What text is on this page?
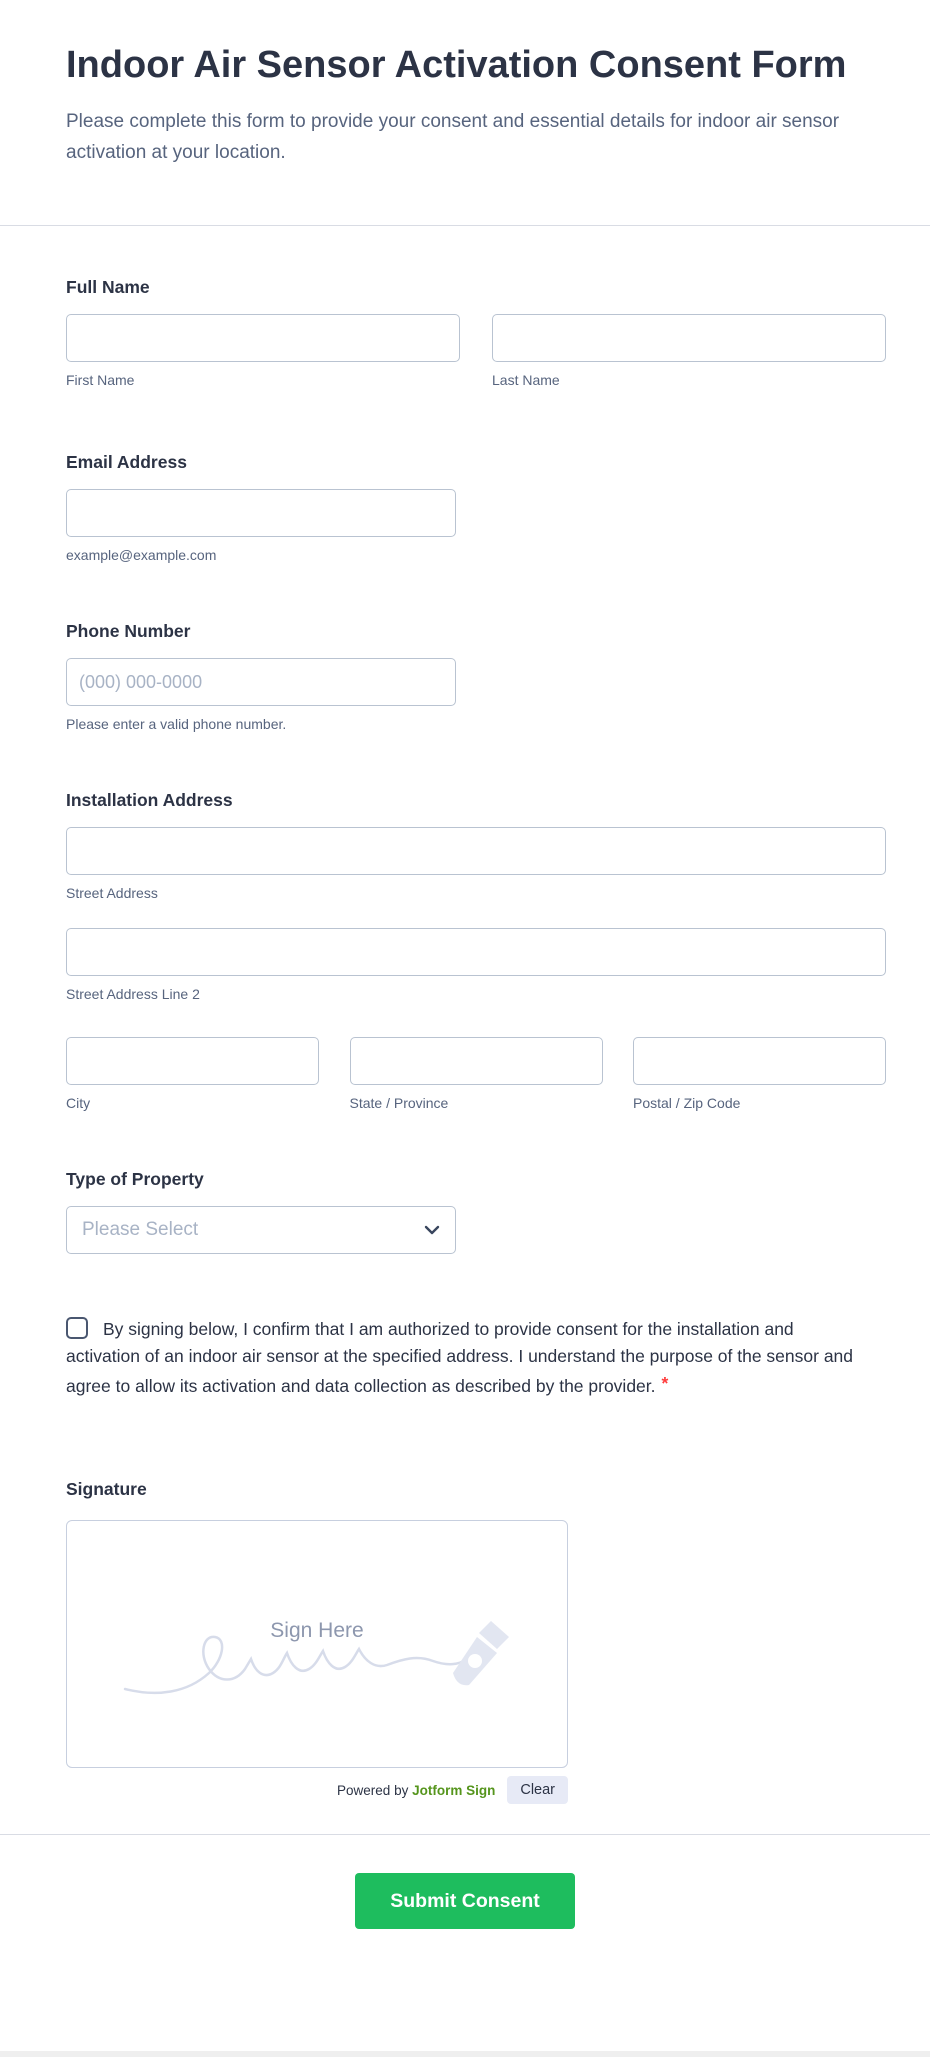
Indoor Air Sensor Activation Consent Form
Please complete this form to provide your consent and essential details for indoor air sensor activation at your location.
Full Name
First Name	Last Name
Email Address
example@example.com
Phone Number
(000) 000-0000
Please enter a valid phone number.
Installation Address
Street Address
Street Address Line 2
City	State / Province	Postal / Zip Code
Type of Property
Please Select
By signing below, I confirm that I am authorized to provide consent for the installation and activation of an indoor air sensor at the specified address. I understand the purpose of the sensor and agree to allow its activation and data collection as described by the provider. *
Signature
Sign Here
Powered by Jotform Sign	Clear
Submit Consent
